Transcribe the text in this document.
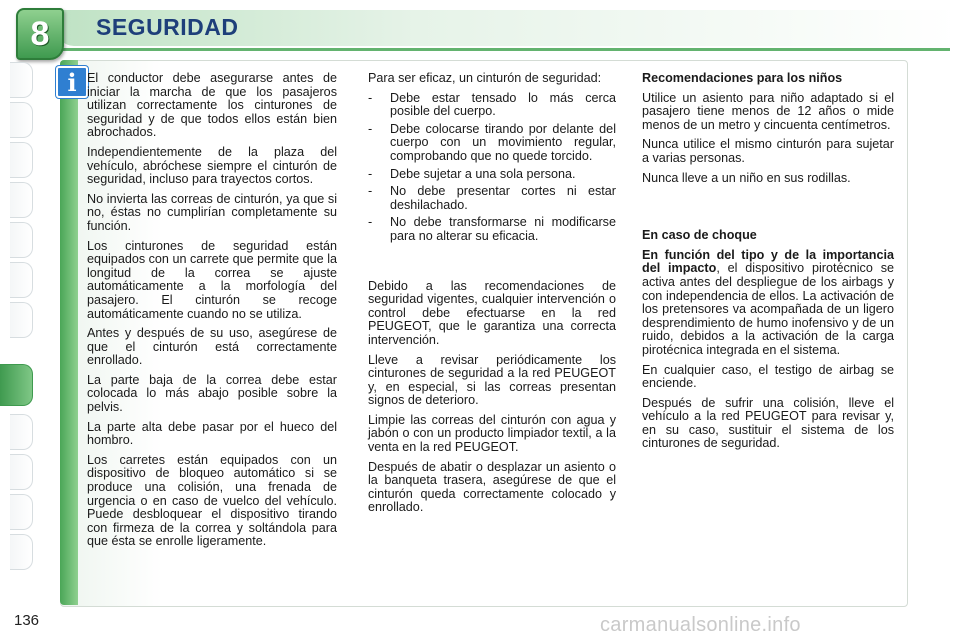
8	SEGURIDAD
i El conductor debe asegurarse antes de iniciar la marcha de que los pasajeros utilizan correctamente los cinturones de seguridad y de que todos ellos están bien abrochados.

Independientemente de la plaza del vehículo, abróchese siempre el cinturón de seguridad, incluso para trayectos cortos.

No invierta las correas de cinturón, ya que si no, éstas no cumplirían completamente su función.

Los cinturones de seguridad están equipados con un carrete que permite que la longitud de la correa se ajuste automáticamente a la morfología del pasajero. El cinturón se recoge automáticamente cuando no se utiliza.

Antes y después de su uso, asegúrese de que el cinturón está correctamente enrollado.

La parte baja de la correa debe estar colocada lo más abajo posible sobre la pelvis.

La parte alta debe pasar por el hueco del hombro.

Los carretes están equipados con un dispositivo de bloqueo automático si se produce una colisión, una frenada de urgencia o en caso de vuelco del vehículo. Puede desbloquear el dispositivo tirando con firmeza de la correa y soltándola para que ésta se enrolle ligeramente.

Para ser eficaz, un cinturón de seguridad:

- Debe estar tensado lo más cerca posible del cuerpo.
- Debe colocarse tirando por delante del cuerpo con un movimiento regular, comprobando que no quede torcido.
- Debe sujetar a una sola persona.
- No debe presentar cortes ni estar deshilachado.
- No debe transformarse ni modificarse para no alterar su eficacia.

Debido a las recomendaciones de seguridad vigentes, cualquier intervención o control debe efectuarse en la red PEUGEOT, que le garantiza una correcta intervención.

Lleve a revisar periódicamente los cinturones de seguridad a la red PEUGEOT y, en especial, si las correas presentan signos de deterioro.

Limpie las correas del cinturón con agua y jabón o con un producto limpiador textil, a la venta en la red PEUGEOT.

Después de abatir o desplazar un asiento o la banqueta trasera, asegúrese de que el cinturón queda correctamente colocado y enrollado.

Recomendaciones para los niños

Utilice un asiento para niño adaptado si el pasajero tiene menos de 12 años o mide menos de un metro y cincuenta centímetros.

Nunca utilice el mismo cinturón para sujetar a varias personas.

Nunca lleve a un niño en sus rodillas.

En caso de choque

En función del tipo y de la importancia del impacto, el dispositivo pirotécnico se activa antes del despliegue de los airbags y con independencia de ellos. La activación de los pretensores va acompañada de un ligero desprendimiento de humo inofensivo y de un ruido, debidos a la activación de la carga pirotécnica integrada en el sistema.

En cualquier caso, el testigo de airbag se enciende.

Después de sufrir una colisión, lleve el vehículo a la red PEUGEOT para revisar y, en su caso, sustituir el sistema de los cinturones de seguridad.

136	carmanualsonline.info
